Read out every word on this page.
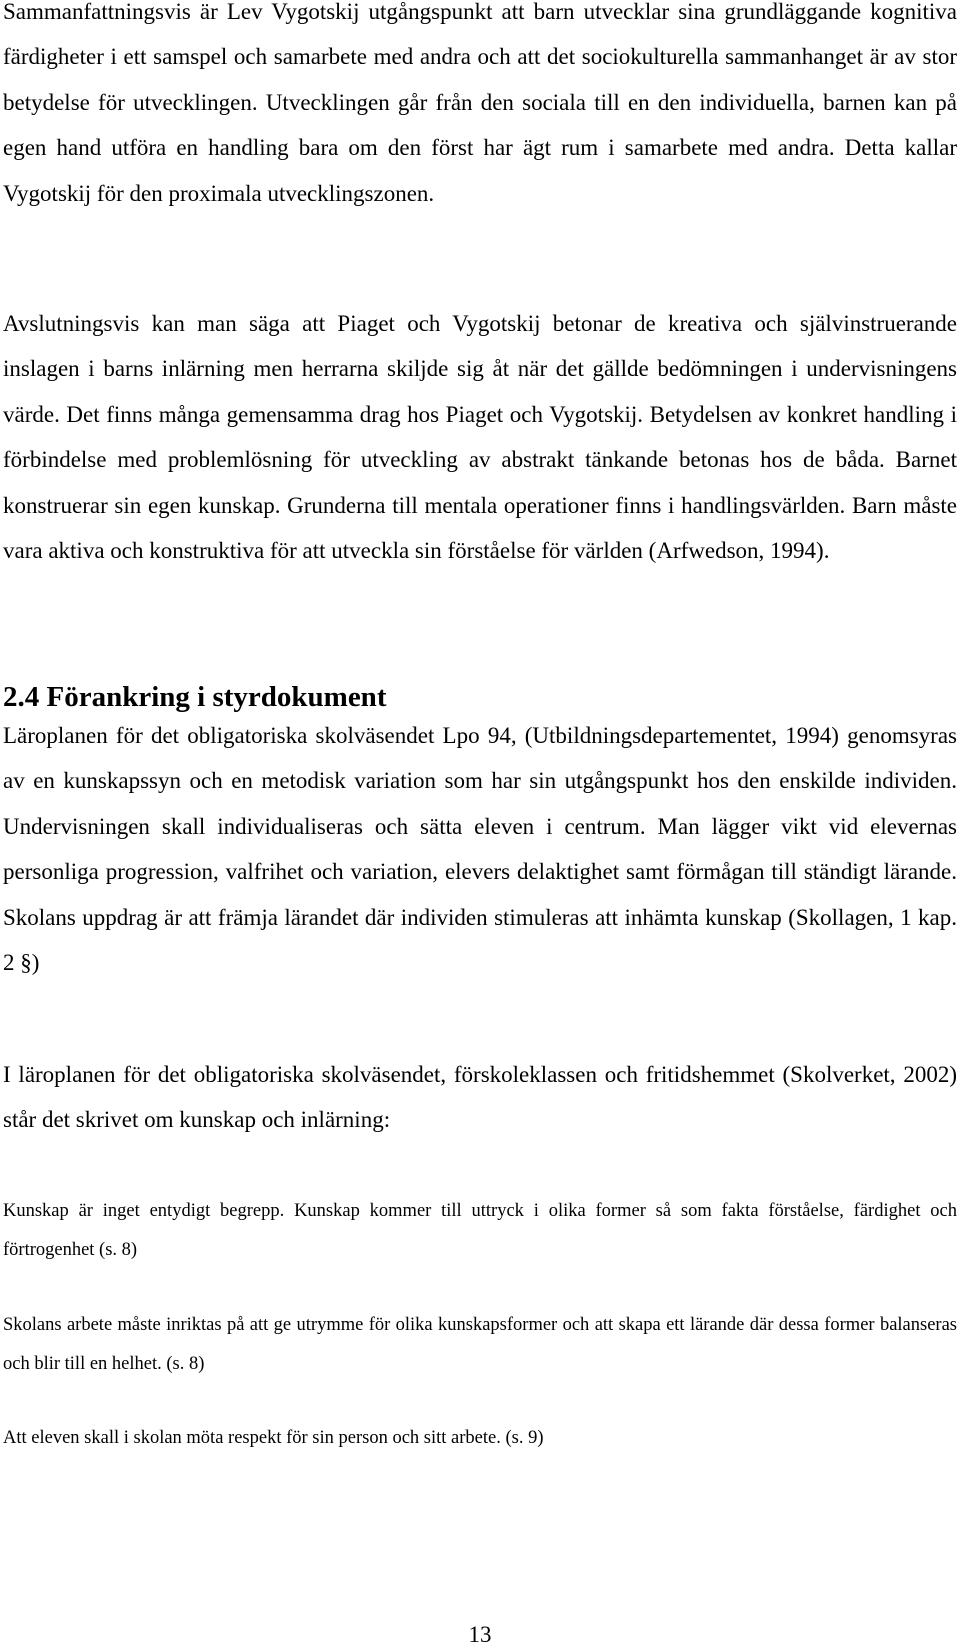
Sammanfattningsvis är Lev Vygotskij utgångspunkt att barn utvecklar sina grundläggande kognitiva färdigheter i ett samspel och samarbete med andra och att det sociokulturella sammanhanget är av stor betydelse för utvecklingen. Utvecklingen går från den sociala till en den individuella, barnen kan på egen hand utföra en handling bara om den först har ägt rum i samarbete med andra. Detta kallar Vygotskij för den proximala utvecklingszonen.

Avslutningsvis kan man säga att Piaget och Vygotskij betonar de kreativa och självinstruerande inslagen i barns inlärning men herrarna skiljde sig åt när det gällde bedömningen i undervisningens värde. Det finns många gemensamma drag hos Piaget och Vygotskij. Betydelsen av konkret handling i förbindelse med problemlösning för utveckling av abstrakt tänkande betonas hos de båda. Barnet konstruerar sin egen kunskap. Grunderna till mentala operationer finns i handlingsvärlden. Barn måste vara aktiva och konstruktiva för att utveckla sin förståelse för världen (Arfwedson, 1994).

2.4 Förankring i styrdokument

Läroplanen för det obligatoriska skolväsendet Lpo 94, (Utbildningsdepartementet, 1994) genomsyras av en kunskapssyn och en metodisk variation som har sin utgångspunkt hos den enskilde individen. Undervisningen skall individualiseras och sätta eleven i centrum. Man lägger vikt vid elevernas personliga progression, valfrihet och variation, elevers delaktighet samt förmågan till ständigt lärande. Skolans uppdrag är att främja lärandet där individen stimuleras att inhämta kunskap (Skollagen, 1 kap. 2 §)

I läroplanen för det obligatoriska skolväsendet, förskoleklassen och fritidshemmet (Skolverket, 2002) står det skrivet om kunskap och inlärning:

Kunskap är inget entydigt begrepp. Kunskap kommer till uttryck i olika former så som fakta förståelse, färdighet och förtrogenhet (s. 8)

Skolans arbete måste inriktas på att ge utrymme för olika kunskapsformer och att skapa ett lärande där dessa former balanseras och blir till en helhet. (s. 8)

Att eleven skall i skolan möta respekt för sin person och sitt arbete. (s. 9)

13
